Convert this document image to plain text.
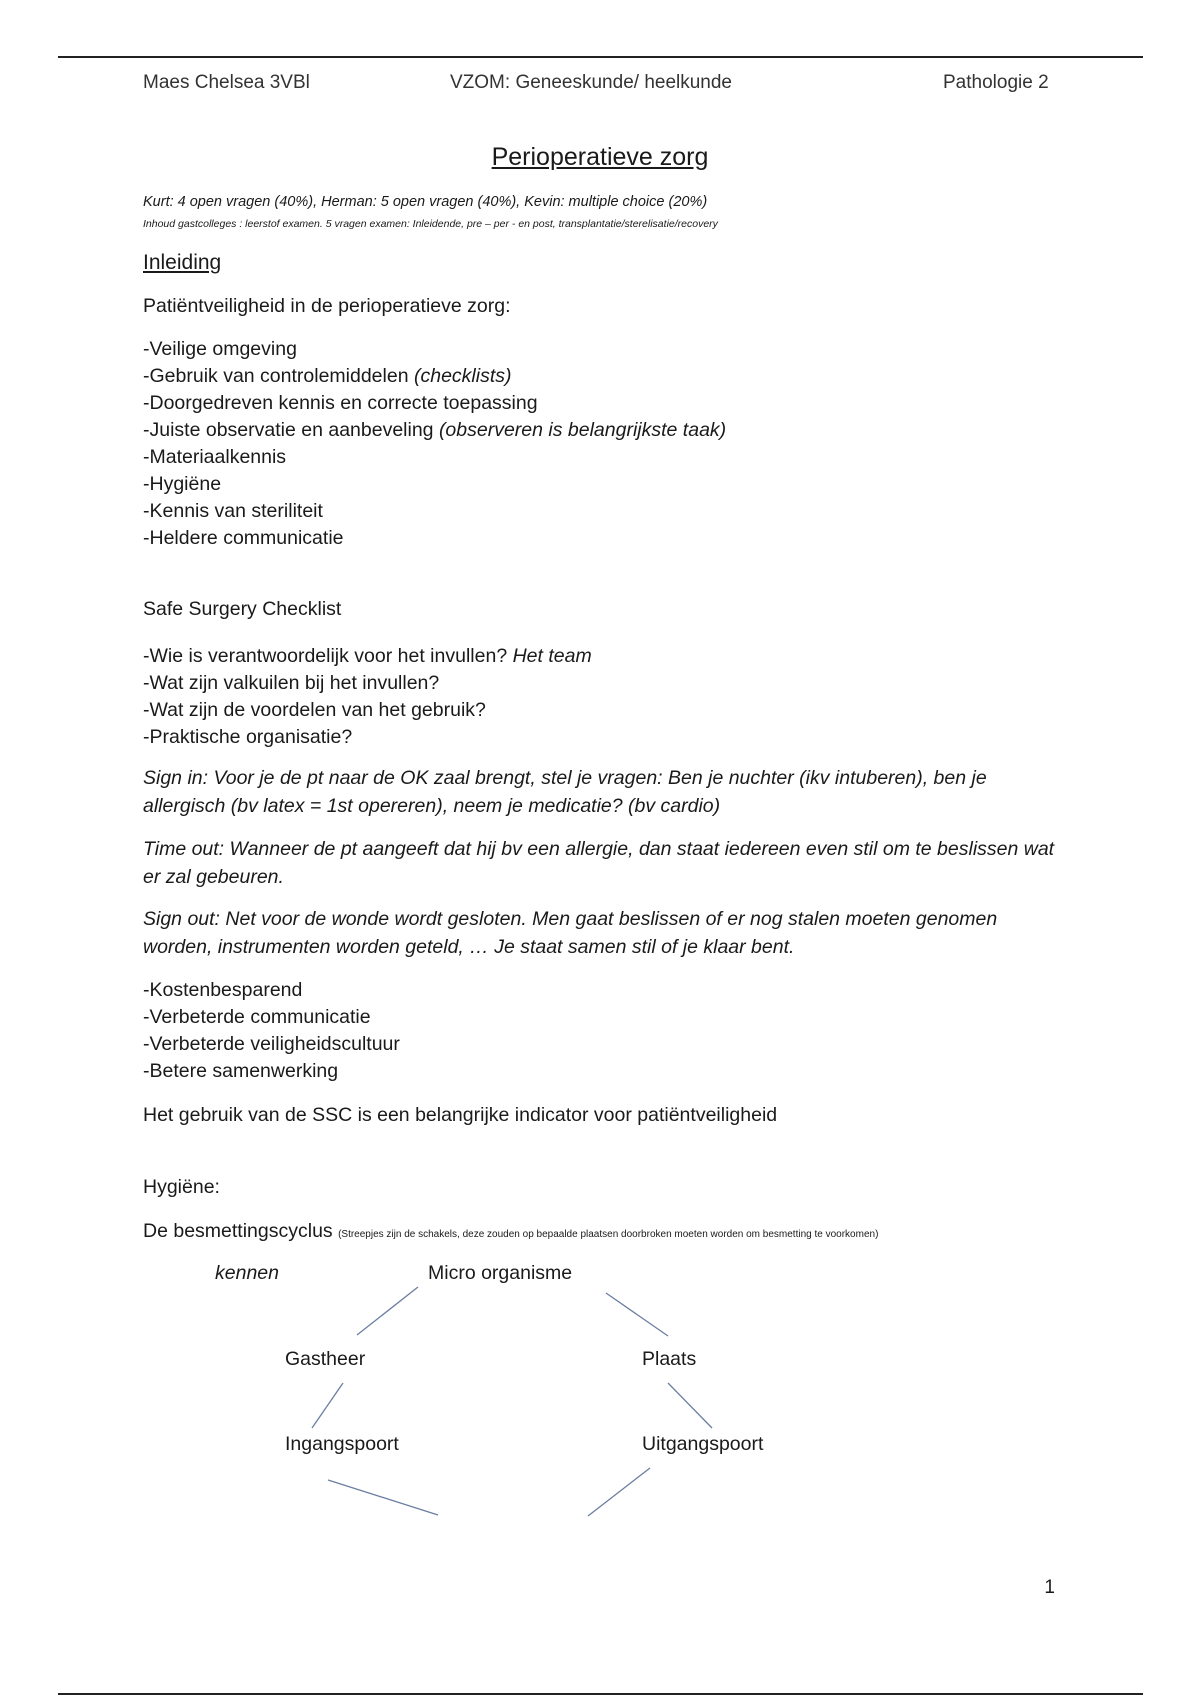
Maes Chelsea 3VBl	VZOM: Geneeskunde/ heelkunde	Pathologie 2
Perioperatieve zorg
Kurt: 4 open vragen (40%), Herman: 5 open vragen (40%), Kevin: multiple choice (20%)
Inhoud gastcolleges : leerstof examen. 5 vragen examen: Inleidende, pre – per - en post, transplantatie/sterelisatie/recovery
Inleiding
Patiëntveiligheid in de perioperatieve zorg:
-Veilige omgeving
-Gebruik van controlemiddelen (checklists)
-Doorgedreven kennis en correcte toepassing
-Juiste observatie en aanbeveling (observeren is belangrijkste taak)
-Materiaalkennis
-Hygiëne
-Kennis van steriliteit
-Heldere communicatie
Safe Surgery Checklist
-Wie is verantwoordelijk voor het invullen? Het team
-Wat zijn valkuilen bij het invullen?
-Wat zijn de voordelen van het gebruik?
-Praktische organisatie?
Sign in: Voor je de pt naar de OK zaal brengt, stel je vragen: Ben je nuchter (ikv intuberen), ben je allergisch (bv latex = 1st opereren), neem je medicatie? (bv cardio)
Time out: Wanneer de pt aangeeft dat hij bv een allergie, dan staat iedereen even stil om te beslissen wat er zal gebeuren.
Sign out: Net voor de wonde wordt gesloten. Men gaat beslissen of er nog stalen moeten genomen worden, instrumenten worden geteld, … Je staat samen stil of je klaar bent.
-Kostenbesparend
-Verbeterde communicatie
-Verbeterde veiligheidscultuur
-Betere samenwerking
Het gebruik van de SSC is een belangrijke indicator voor patiëntveiligheid
Hygiëne:
De besmettingscyclus (Streepjes zijn de schakels, deze zouden op bepaalde plaatsen doorbroken moeten worden om besmetting te voorkomen)
kennen	Micro organisme
Gastheer	Plaats
Ingangspoort	Uitgangspoort
1
